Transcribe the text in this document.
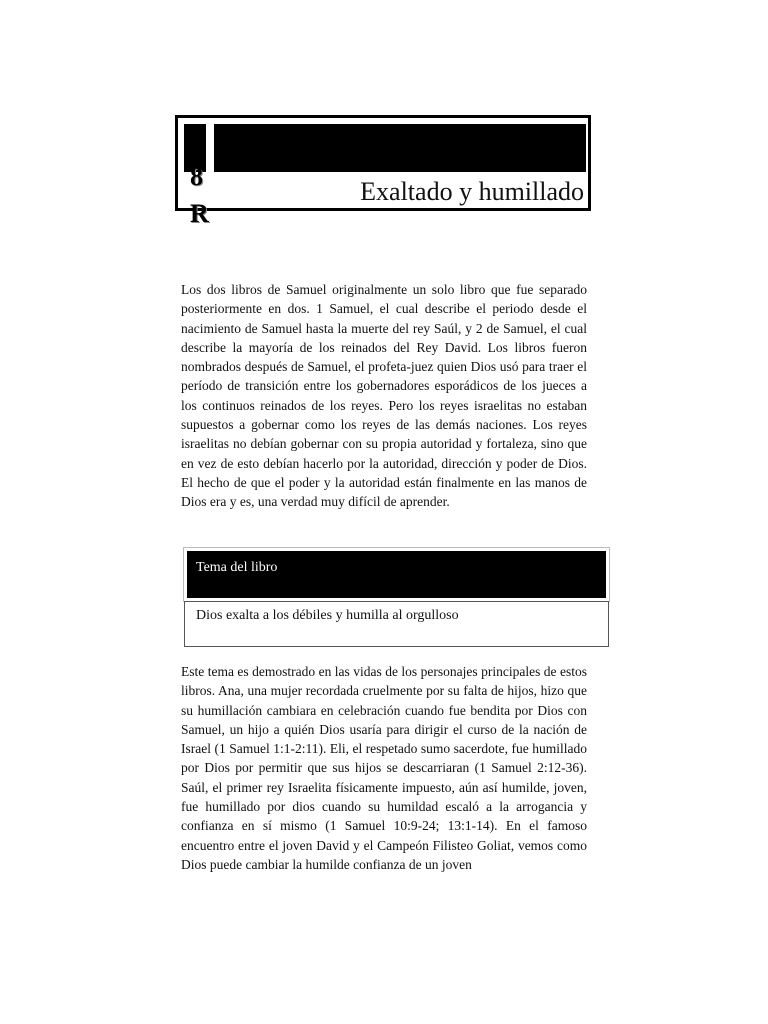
8
R
Exaltado y humillado

Los dos libros de Samuel originalmente un solo libro que fue separado posteriormente en dos. 1 Samuel, el cual describe el periodo desde el nacimiento de Samuel hasta la muerte del rey Saúl, y 2 de Samuel, el cual describe la mayoría de los reinados del Rey David. Los libros fueron nombrados después de Samuel, el profeta-juez quien Dios usó para traer el período de transición entre los gobernadores esporádicos de los jueces a los continuos reinados de los reyes. Pero los reyes israelitas no estaban supuestos a gobernar como los reyes de las demás naciones. Los reyes israelitas no debían gobernar con su propia autoridad y fortaleza, sino que en vez de esto debían hacerlo por la autoridad, dirección y poder de Dios. El hecho de que el poder y la autoridad están finalmente en las manos de Dios era y es, una verdad muy difícil de aprender.

Tema del libro
Dios exalta a los débiles y humilla al orgulloso

Este tema es demostrado en las vidas de los personajes principales de estos libros. Ana, una mujer recordada cruelmente por su falta de hijos, hizo que su humillación cambiara en celebración cuando fue bendita por Dios con Samuel, un hijo a quién Dios usaría para dirigir el curso de la nación de Israel (1 Samuel 1:1-2:11). Eli, el respetado sumo sacerdote, fue humillado por Dios por permitir que sus hijos se descarriaran (1 Samuel 2:12-36). Saúl, el primer rey Israelita físicamente impuesto, aún así humilde, joven, fue humillado por dios cuando su humildad escaló a la arrogancia y confianza en sí mismo (1 Samuel 10:9-24; 13:1-14). En el famoso encuentro entre el joven David y el Campeón Filisteo Goliat, vemos como Dios puede cambiar la humilde confianza de un joven
